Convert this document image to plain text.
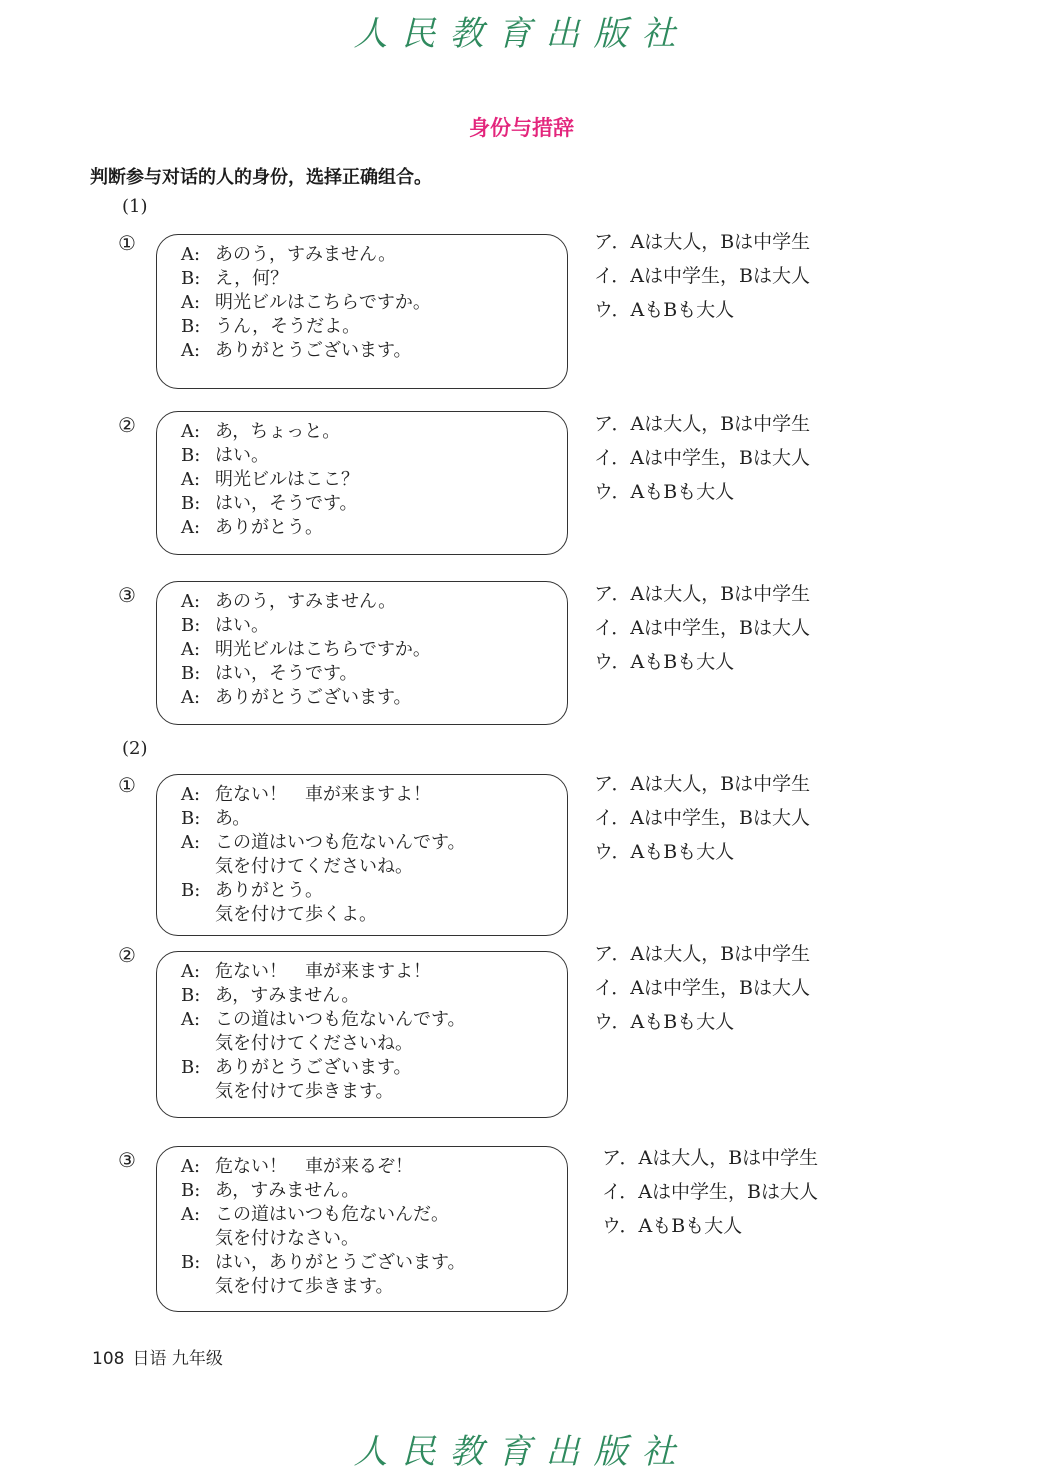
人民教育出版社
身份与措辞
判断参与对话的人的身份，选择正确组合。
(1)
(2)
①	A: あのう，すみません。
B: え，何？
A: 明光ビルはこちらですか。
B: うん，そうだよ。
A: ありがとうございます。
ア．Aは大人，Bは中学生
イ．Aは中学生，Bは大人
ウ．AもBも大人
②	A: あ，ちょっと。
B: はい。
A: 明光ビルはここ？
B: はい，そうです。
A: ありがとう。
ア．Aは大人，Bは中学生
イ．Aは中学生，Bは大人
ウ．AもBも大人
③	A: あのう，すみません。
B: はい。
A: 明光ビルはこちらですか。
B: はい，そうです。
A: ありがとうございます。
ア．Aは大人，Bは中学生
イ．Aは中学生，Bは大人
ウ．AもBも大人
①	A: 危ない！　車が来ますよ！
B: あ。
A: この道はいつも危ないんです。
気を付けてくださいね。
B: ありがとう。
気を付けて歩くよ。
ア．Aは大人，Bは中学生
イ．Aは中学生，Bは大人
ウ．AもBも大人
②
A: 危ない！　車が来ますよ！
B: あ，すみません。
A: この道はいつも危ないんです。
気を付けてくださいね。
B: ありがとうございます。
気を付けて歩きます。
ア．Aは大人，Bは中学生
イ．Aは中学生，Bは大人
ウ．AもBも大人
③	A: 危ない！　車が来るぞ！
B: あ，すみません。
A: この道はいつも危ないんだ。
気を付けなさい。
B: はい，ありがとうございます。
気を付けて歩きます。
ア．Aは大人，Bは中学生
イ．Aは中学生，Bは大人
ウ．AもBも大人
108 日语 九年级
人民教育出版社
